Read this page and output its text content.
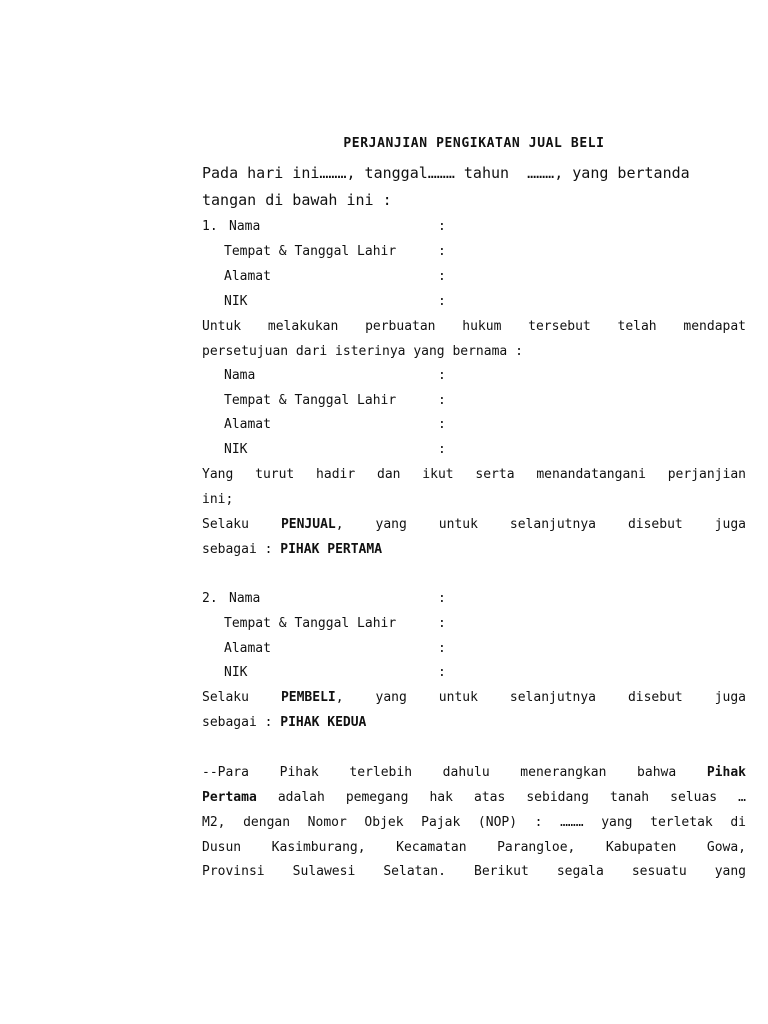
PERJANJIAN PENGIKATAN JUAL BELI
Pada hari ini………, tanggal……… tahun  ………, yang bertanda
tangan di bawah ini :
1. Nama	:
Tempat & Tanggal Lahir	:
Alamat	:
NIK	:
Untuk melakukan perbuatan hukum tersebut telah mendapat
persetujuan dari isterinya yang bernama :
Nama	:
Tempat & Tanggal Lahir	:
Alamat	:
NIK	:
Yang turut hadir dan ikut serta menandatangani perjanjian
ini;
Selaku PENJUAL, yang untuk selanjutnya disebut juga
sebagai : PIHAK PERTAMA
2. Nama	:
Tempat & Tanggal Lahir	:
Alamat	:
NIK	:
Selaku PEMBELI, yang untuk selanjutnya disebut juga
sebagai : PIHAK KEDUA
--Para Pihak terlebih dahulu menerangkan bahwa Pihak
Pertama adalah pemegang hak atas sebidang tanah seluas …
M2, dengan Nomor Objek Pajak (NOP) : ……… yang terletak di
Dusun Kasimburang, Kecamatan Parangloe, Kabupaten Gowa,
Provinsi Sulawesi Selatan. Berikut segala sesuatu yang
